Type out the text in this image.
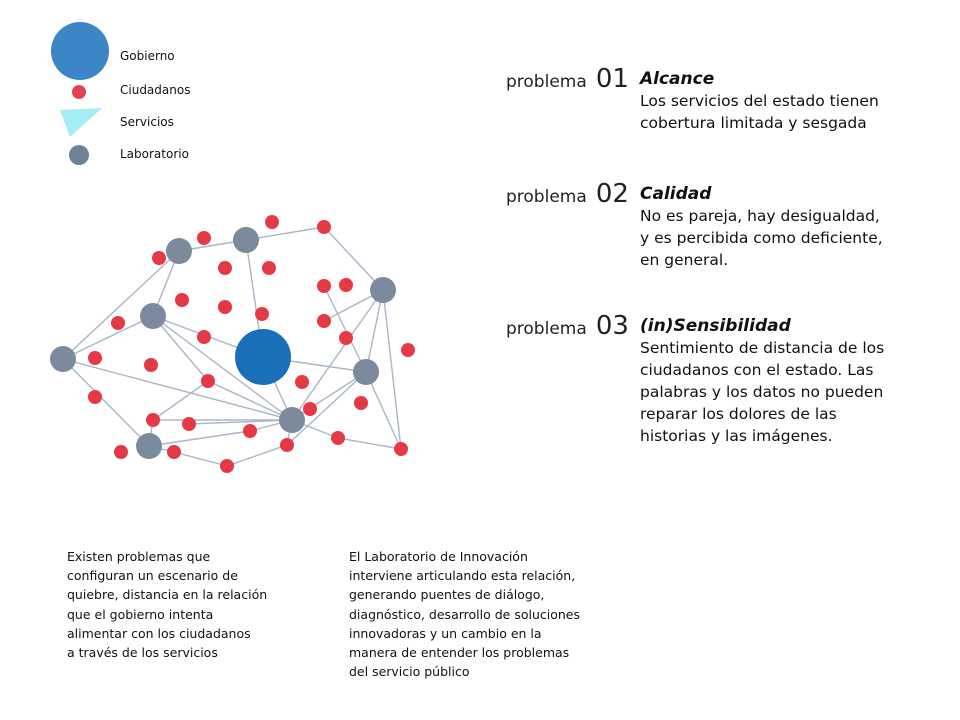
Gobierno
Ciudadanos
Servicios
Laboratorio
problema 01 Alcance
Los servicios del estado tienen
cobertura limitada y sesgada
problema 02 Calidad
No es pareja, hay desigualdad,
y es percibida como deficiente,
en general.
problema 03 (in)Sensibilidad
Sentimiento de distancia de los
ciudadanos con el estado. Las
palabras y los datos no pueden
reparar los dolores de las
historias y las imágenes.
Existen problemas que
configuran un escenario de
quiebre, distancia en la relación
que el gobierno intenta
alimentar con los ciudadanos
a través de los servicios
El Laboratorio de Innovación
interviene articulando esta relación,
generando puentes de diálogo,
diagnóstico, desarrollo de soluciones
innovadoras y un cambio en la
manera de entender los problemas
del servicio público
